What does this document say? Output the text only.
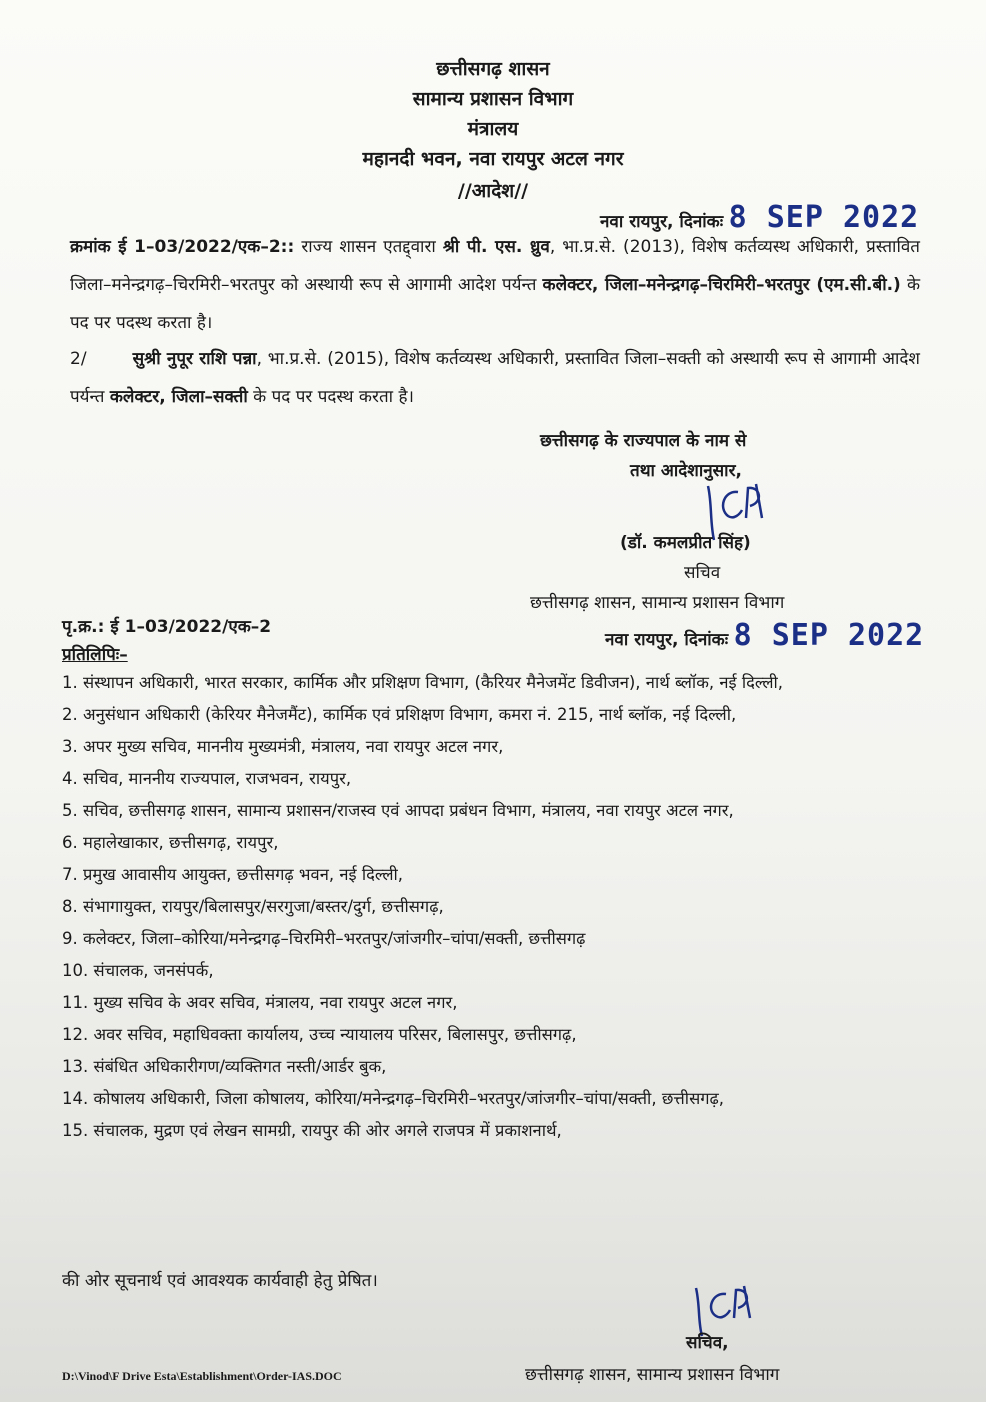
छत्तीसगढ़ शासन
सामान्य प्रशासन विभाग
मंत्रालय
महानदी भवन, नवा रायपुर अटल नगर
//आदेश//
नवा रायपुर, दिनांकः 8 SEP 2022
क्रमांक ई 1–03/2022/एक–2:: राज्य शासन एतद्द्वारा श्री पी. एस. ध्रुव, भा.प्र.से. (2013), विशेष कर्तव्यस्थ अधिकारी, प्रस्तावित जिला–मनेन्द्रगढ़–चिरमिरी–भरतपुर को अस्थायी रूप से आगामी आदेश पर्यन्त कलेक्टर, जिला–मनेन्द्रगढ़–चिरमिरी–भरतपुर (एम.सी.बी.) के पद पर पदस्थ करता है।
2/	सुश्री नुपूर राशि पन्ना, भा.प्र.से. (2015), विशेष कर्तव्यस्थ अधिकारी, प्रस्तावित जिला–सक्ती को अस्थायी रूप से आगामी आदेश पर्यन्त कलेक्टर, जिला–सक्ती के पद पर पदस्थ करता है।
छत्तीसगढ़ के राज्यपाल के नाम से
तथा आदेशानुसार,
(डॉ. कमलप्रीत सिंह)
सचिव
छत्तीसगढ़ शासन, सामान्य प्रशासन विभाग
पृ.क्र.: ई 1–03/2022/एक–2
नवा रायपुर, दिनांकः 8 SEP 2022
प्रतिलिपिः–
1. संस्थापन अधिकारी, भारत सरकार, कार्मिक और प्रशिक्षण विभाग, (कैरियर मैनेजमेंट डिवीजन), नार्थ ब्लॉक, नई दिल्ली,
2. अनुसंधान अधिकारी (केरियर मैनेजमैंट), कार्मिक एवं प्रशिक्षण विभाग, कमरा नं. 215, नार्थ ब्लॉक, नई दिल्ली,
3. अपर मुख्य सचिव, माननीय मुख्यमंत्री, मंत्रालय, नवा रायपुर अटल नगर,
4. सचिव, माननीय राज्यपाल, राजभवन, रायपुर,
5. सचिव, छत्तीसगढ़ शासन, सामान्य प्रशासन/राजस्व एवं आपदा प्रबंधन विभाग, मंत्रालय, नवा रायपुर अटल नगर,
6. महालेखाकार, छत्तीसगढ़, रायपुर,
7. प्रमुख आवासीय आयुक्त, छत्तीसगढ़ भवन, नई दिल्ली,
8. संभागायुक्त, रायपुर/बिलासपुर/सरगुजा/बस्तर/दुर्ग, छत्तीसगढ़,
9. कलेक्टर, जिला–कोरिया/मनेन्द्रगढ़–चिरमिरी–भरतपुर/जांजगीर–चांपा/सक्ती, छत्तीसगढ़
10. संचालक, जनसंपर्क,
11. मुख्य सचिव के अवर सचिव, मंत्रालय, नवा रायपुर अटल नगर,
12. अवर सचिव, महाधिवक्ता कार्यालय, उच्च न्यायालय परिसर, बिलासपुर, छत्तीसगढ़,
13. संबंधित अधिकारीगण/व्यक्तिगत नस्ती/आर्डर बुक,
14. कोषालय अधिकारी, जिला कोषालय, कोरिया/मनेन्द्रगढ़–चिरमिरी–भरतपुर/जांजगीर–चांपा/सक्ती, छत्तीसगढ़,
15. संचालक, मुद्रण एवं लेखन सामग्री, रायपुर की ओर अगले राजपत्र में प्रकाशनार्थ,
की ओर सूचनार्थ एवं आवश्यक कार्यवाही हेतु प्रेषित।
सचिव,
छत्तीसगढ़ शासन, सामान्य प्रशासन विभाग
D:\Vinod\F Drive Esta\Establishment\Order-IAS.DOC
